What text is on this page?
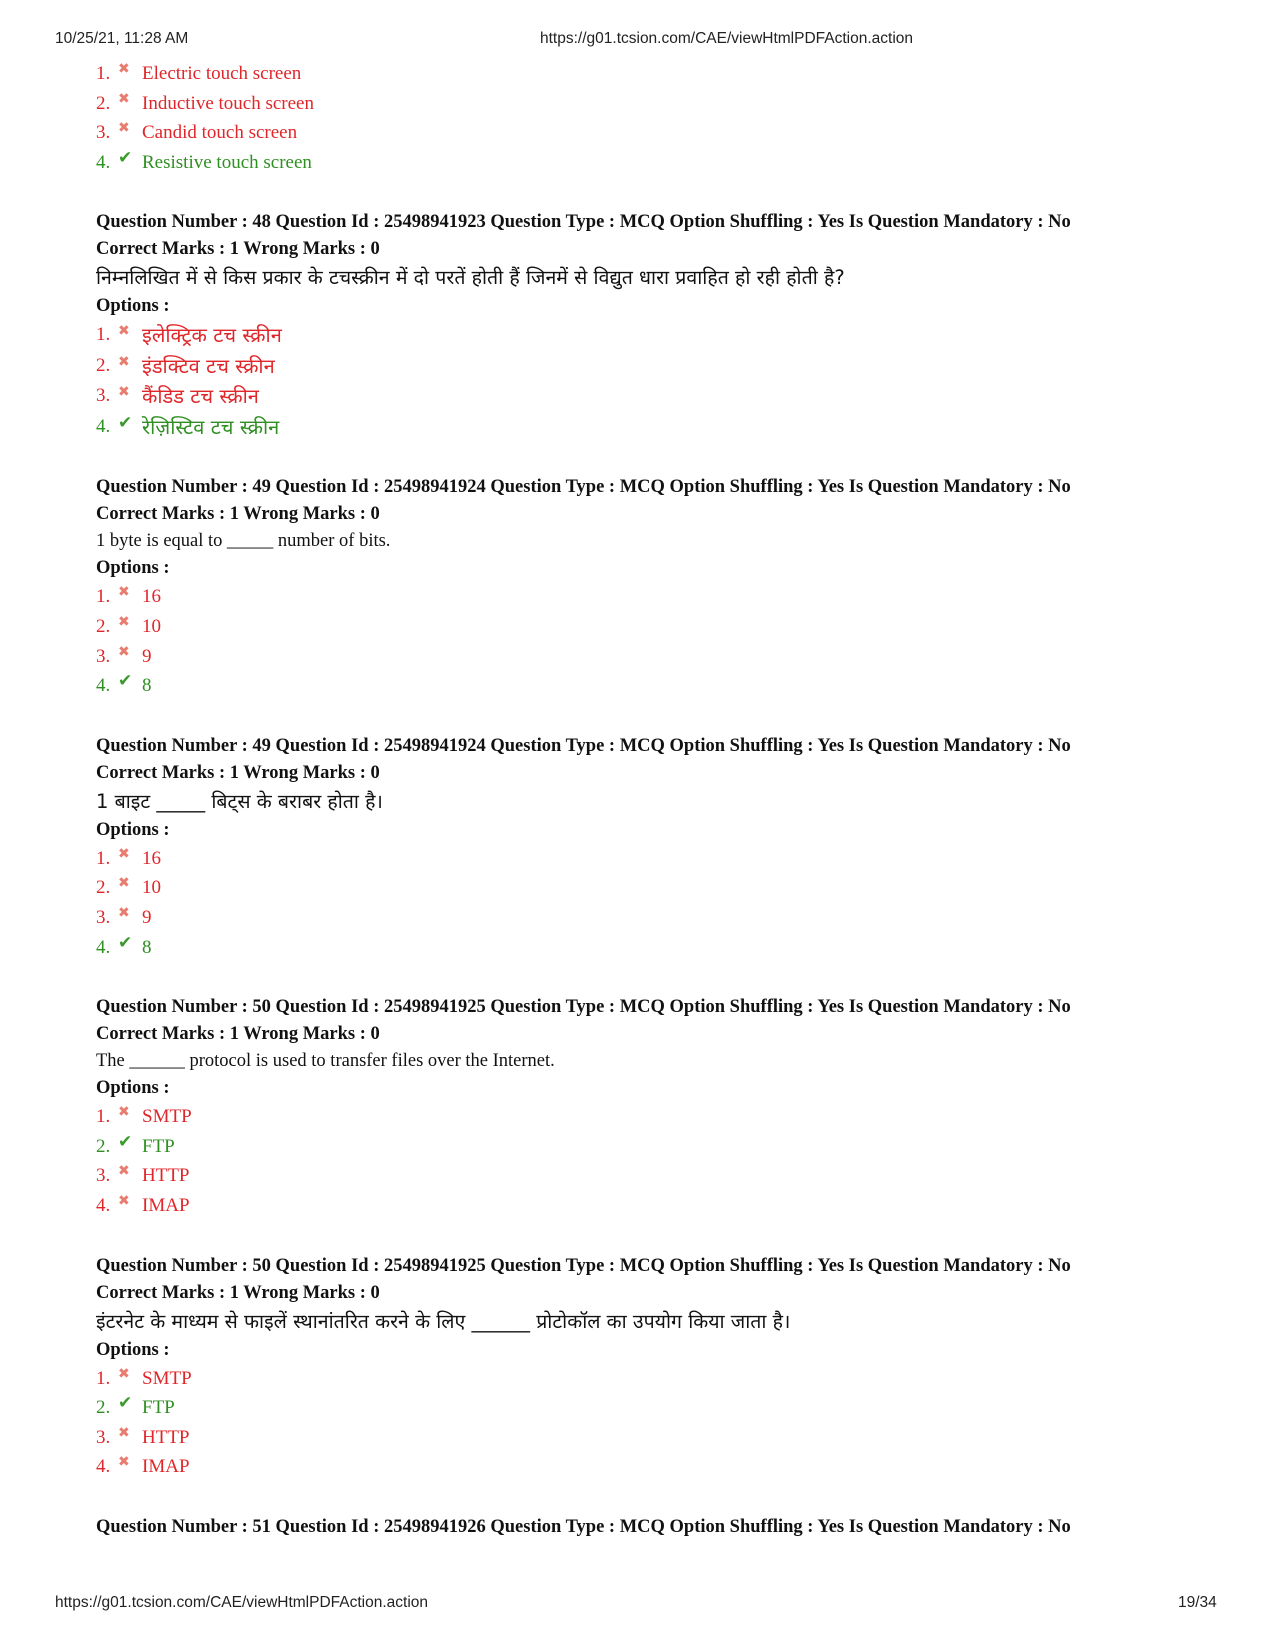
10/25/21, 11:28 AM	https://g01.tcsion.com/CAE/viewHtmlPDFAction.action
1. ✖ Electric touch screen
2. ✖ Inductive touch screen
3. ✖ Candid touch screen
4. ✔ Resistive touch screen
Question Number : 48 Question Id : 25498941923 Question Type : MCQ Option Shuffling : Yes Is Question Mandatory : No
Correct Marks : 1 Wrong Marks : 0
निम्नलिखित में से किस प्रकार के टचस्क्रीन में दो परतें होती हैं जिनमें से विद्युत धारा प्रवाहित हो रही होती है?
Options :
1. ✖ इलेक्ट्रिक टच स्क्रीन
2. ✖ इंडक्टिव टच स्क्रीन
3. ✖ कैंडिड टच स्क्रीन
4. ✔ रेज़िस्टिव टच स्क्रीन
Question Number : 49 Question Id : 25498941924 Question Type : MCQ Option Shuffling : Yes Is Question Mandatory : No
Correct Marks : 1 Wrong Marks : 0
1 byte is equal to _____ number of bits.
Options :
1. ✖ 16
2. ✖ 10
3. ✖ 9
4. ✔ 8
Question Number : 49 Question Id : 25498941924 Question Type : MCQ Option Shuffling : Yes Is Question Mandatory : No
Correct Marks : 1 Wrong Marks : 0
1 बाइट _____ बिट्स के बराबर होता है।
Options :
1. ✖ 16
2. ✖ 10
3. ✖ 9
4. ✔ 8
Question Number : 50 Question Id : 25498941925 Question Type : MCQ Option Shuffling : Yes Is Question Mandatory : No
Correct Marks : 1 Wrong Marks : 0
The ______ protocol is used to transfer files over the Internet.
Options :
1. ✖ SMTP
2. ✔ FTP
3. ✖ HTTP
4. ✖ IMAP
Question Number : 50 Question Id : 25498941925 Question Type : MCQ Option Shuffling : Yes Is Question Mandatory : No
Correct Marks : 1 Wrong Marks : 0
इंटरनेट के माध्यम से फाइलें स्थानांतरित करने के लिए ______ प्रोटोकॉल का उपयोग किया जाता है।
Options :
1. ✖ SMTP
2. ✔ FTP
3. ✖ HTTP
4. ✖ IMAP
Question Number : 51 Question Id : 25498941926 Question Type : MCQ Option Shuffling : Yes Is Question Mandatory : No
https://g01.tcsion.com/CAE/viewHtmlPDFAction.action	19/34
